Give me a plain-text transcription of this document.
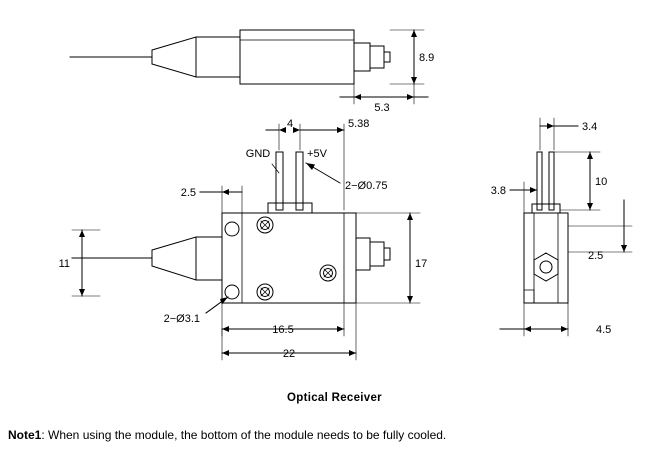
8.9
5.3
4	5.38
GND	+5V
2−Ø0.75
2.5
17
11
2−Ø3.1
16.5
22
3.4
10
3.8
2.5
4.5
Optical Receiver
Note1: When using the module, the bottom of the module needs to be fully cooled.
